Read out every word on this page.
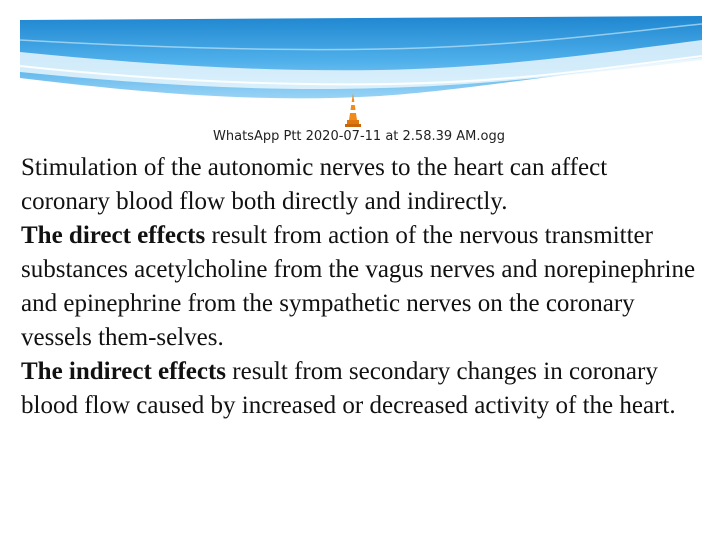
WhatsApp Ptt 2020-07-11 at 2.58.39 AM.ogg

Stimulation of the autonomic nerves to the heart can affect coronary blood flow both directly and indirectly.

The direct effects result from action of the nervous transmitter substances acetylcholine from the vagus nerves and norepinephrine and epinephrine from the sympathetic nerves on the coronary vessels them-selves.

The indirect effects result from secondary changes in coronary blood flow caused by increased or decreased activity of the heart.
